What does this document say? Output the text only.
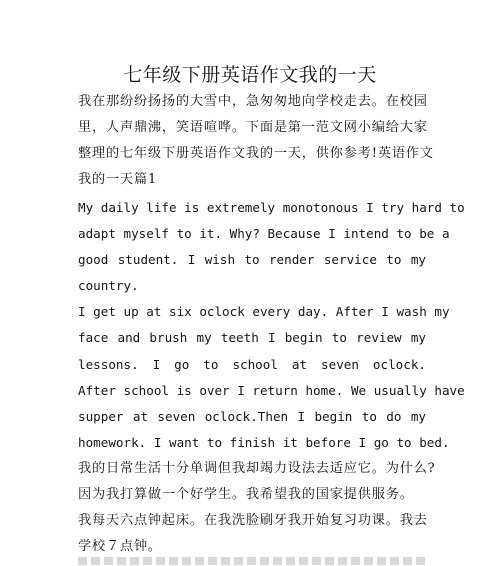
七年级下册英语作文我的一天
我在那纷纷扬扬的大雪中，急匆匆地向学校走去。在校园
里，人声鼎沸，笑语喧哗。下面是第一范文网小编给大家
整理的七年级下册英语作文我的一天，供你参考!英语作文
我的一天篇1
My daily life is extremely monotonous I try hard to
adapt myself to it. Why? Because I intend to be a
good student. I wish to render service to my
country.
I get up at six oclock every day. After I wash my
face and brush my teeth I begin to review my
lessons. I go to school at seven oclock.
After school is over I return home. We usually have
supper at seven oclock.Then I begin to do my
homework. I want to finish it before I go to bed.
我的日常生活十分单调但我却竭力设法去适应它。为什么?
因为我打算做一个好学生。我希望我的国家提供服务。
我每天六点钟起床。在我洗脸刷牙我开始复习功课。我去
学校７点钟。
